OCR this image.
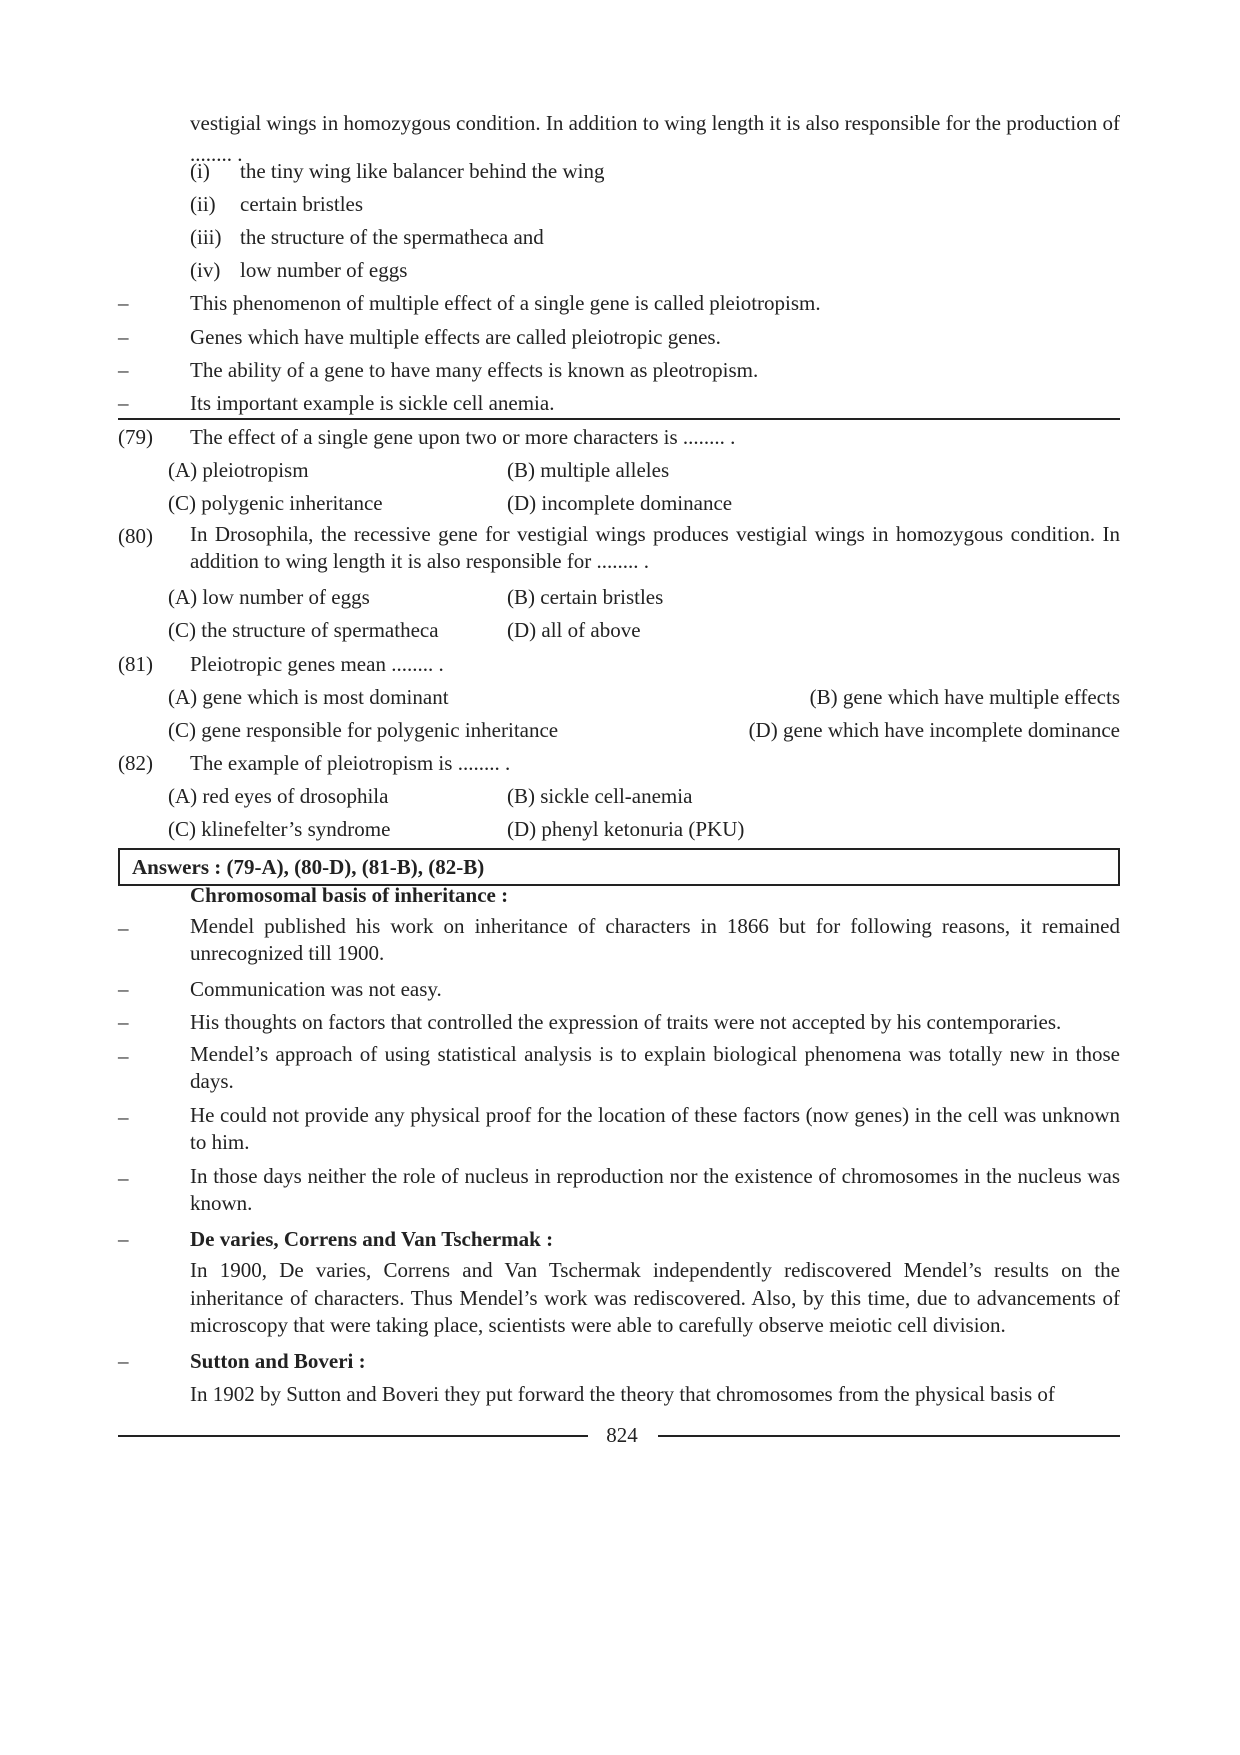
vestigial wings in homozygous condition. In addition to wing length it is also responsible for the production of ........ .
(i)	the tiny wing like balancer behind the wing
(ii)	certain bristles
(iii) the structure of the spermatheca and
(iv) low number of eggs
–	This phenomenon of multiple effect of a single gene is called pleiotropism.
–	Genes which have multiple effects are called pleiotropic genes.
–	The ability of a gene to have many effects is known as pleotropism.
–	Its important example is sickle cell anemia.
(79)	The effect of a single gene upon two or more characters is ........ .
(A) pleiotropism	(B) multiple alleles
(C) polygenic inheritance	(D) incomplete dominance
(80)	In Drosophila, the recessive gene for vestigial wings produces vestigial wings in homozygous condition. In addition to wing length it is also responsible for ........ .
(A) low number of eggs	(B) certain bristles
(C) the structure of spermatheca	(D) all of above
(81)	Pleiotropic genes mean ........ .
(A) gene which is most dominant	(B) gene which have multiple effects
(C) gene responsible for polygenic inheritance	(D) gene which have incomplete dominance
(82)	The example of pleiotropism is ........ .
(A) red eyes of drosophila	(B) sickle cell-anemia
(C) klinefelter’s syndrome	(D) phenyl ketonuria (PKU)
Answers : (79-A), (80-D), (81-B), (82-B)
Chromosomal basis of inheritance :
–	Mendel published his work on inheritance of characters in 1866 but for following reasons, it remained unrecognized till 1900.
–	Communication was not easy.
–	His thoughts on factors that controlled the expression of traits were not accepted by his contemporaries.
–	Mendel’s approach of using statistical analysis is to explain biological phenomena was totally new in those days.
–	He could not provide any physical proof for the location of these factors (now genes) in the cell was unknown to him.
–	In those days neither the role of nucleus in reproduction nor the existence of chromosomes in the nucleus was known.
–	De varies, Correns and Van Tschermak :
In 1900, De varies, Correns and Van Tschermak independently rediscovered Mendel’s results on the inheritance of characters. Thus Mendel’s work was rediscovered. Also, by this time, due to advancements of microscopy that were taking place, scientists were able to carefully observe meiotic cell division.
–	Sutton and Boveri :
In 1902 by Sutton and Boveri they put forward the theory that chromosomes from the physical basis of
824
